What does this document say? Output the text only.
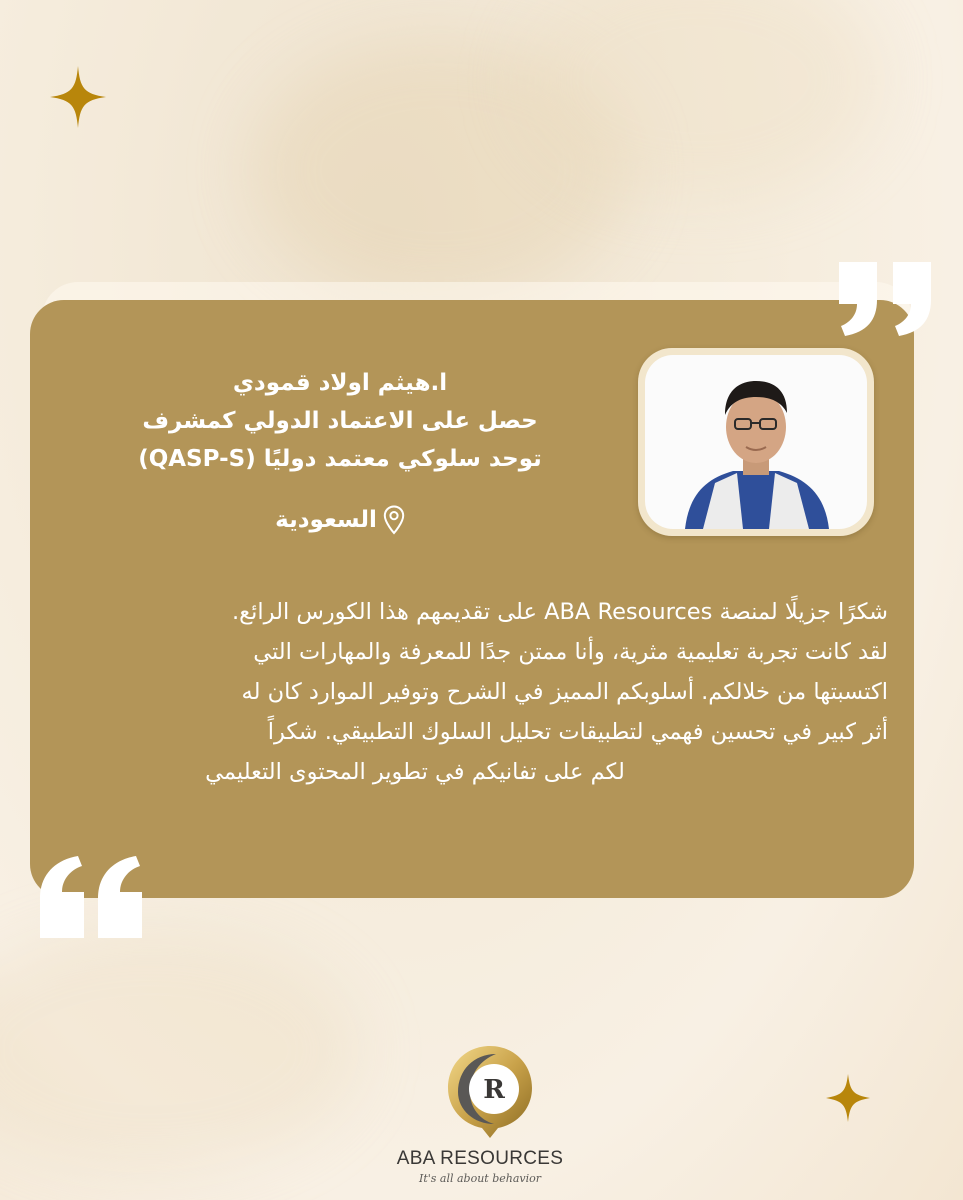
ا.هيثم اولاد قمودي
حصل على الاعتماد الدولي كمشرف
توحد سلوكي معتمد دوليًا (QASP-S)
السعودية
شكرًا جزيلًا لمنصة ABA Resources على تقديمهم هذا الكورس الرائع.
لقد كانت تجربة تعليمية مثرية، وأنا ممتن جدًا للمعرفة والمهارات التي
اكتسبتها من خلالكم. أسلوبكم المميز في الشرح وتوفير الموارد كان له
أثر كبير في تحسين فهمي لتطبيقات تحليل السلوك التطبيقي. شكراً
لكم على تفانيكم في تطوير المحتوى التعليمي
R
ABA RESOURCES
It's all about behavior
